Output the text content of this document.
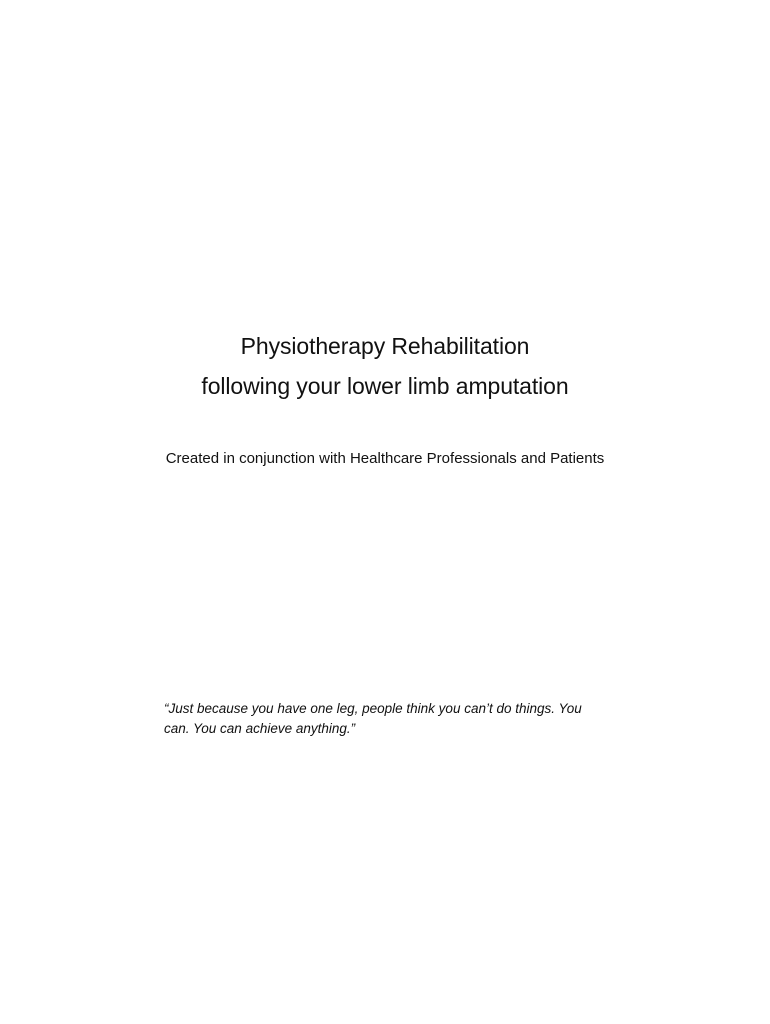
Physiotherapy Rehabilitation
following your lower limb amputation
Created in conjunction with Healthcare Professionals and Patients
“Just because you have one leg, people think you can’t do things. You can. You can achieve anything.”
